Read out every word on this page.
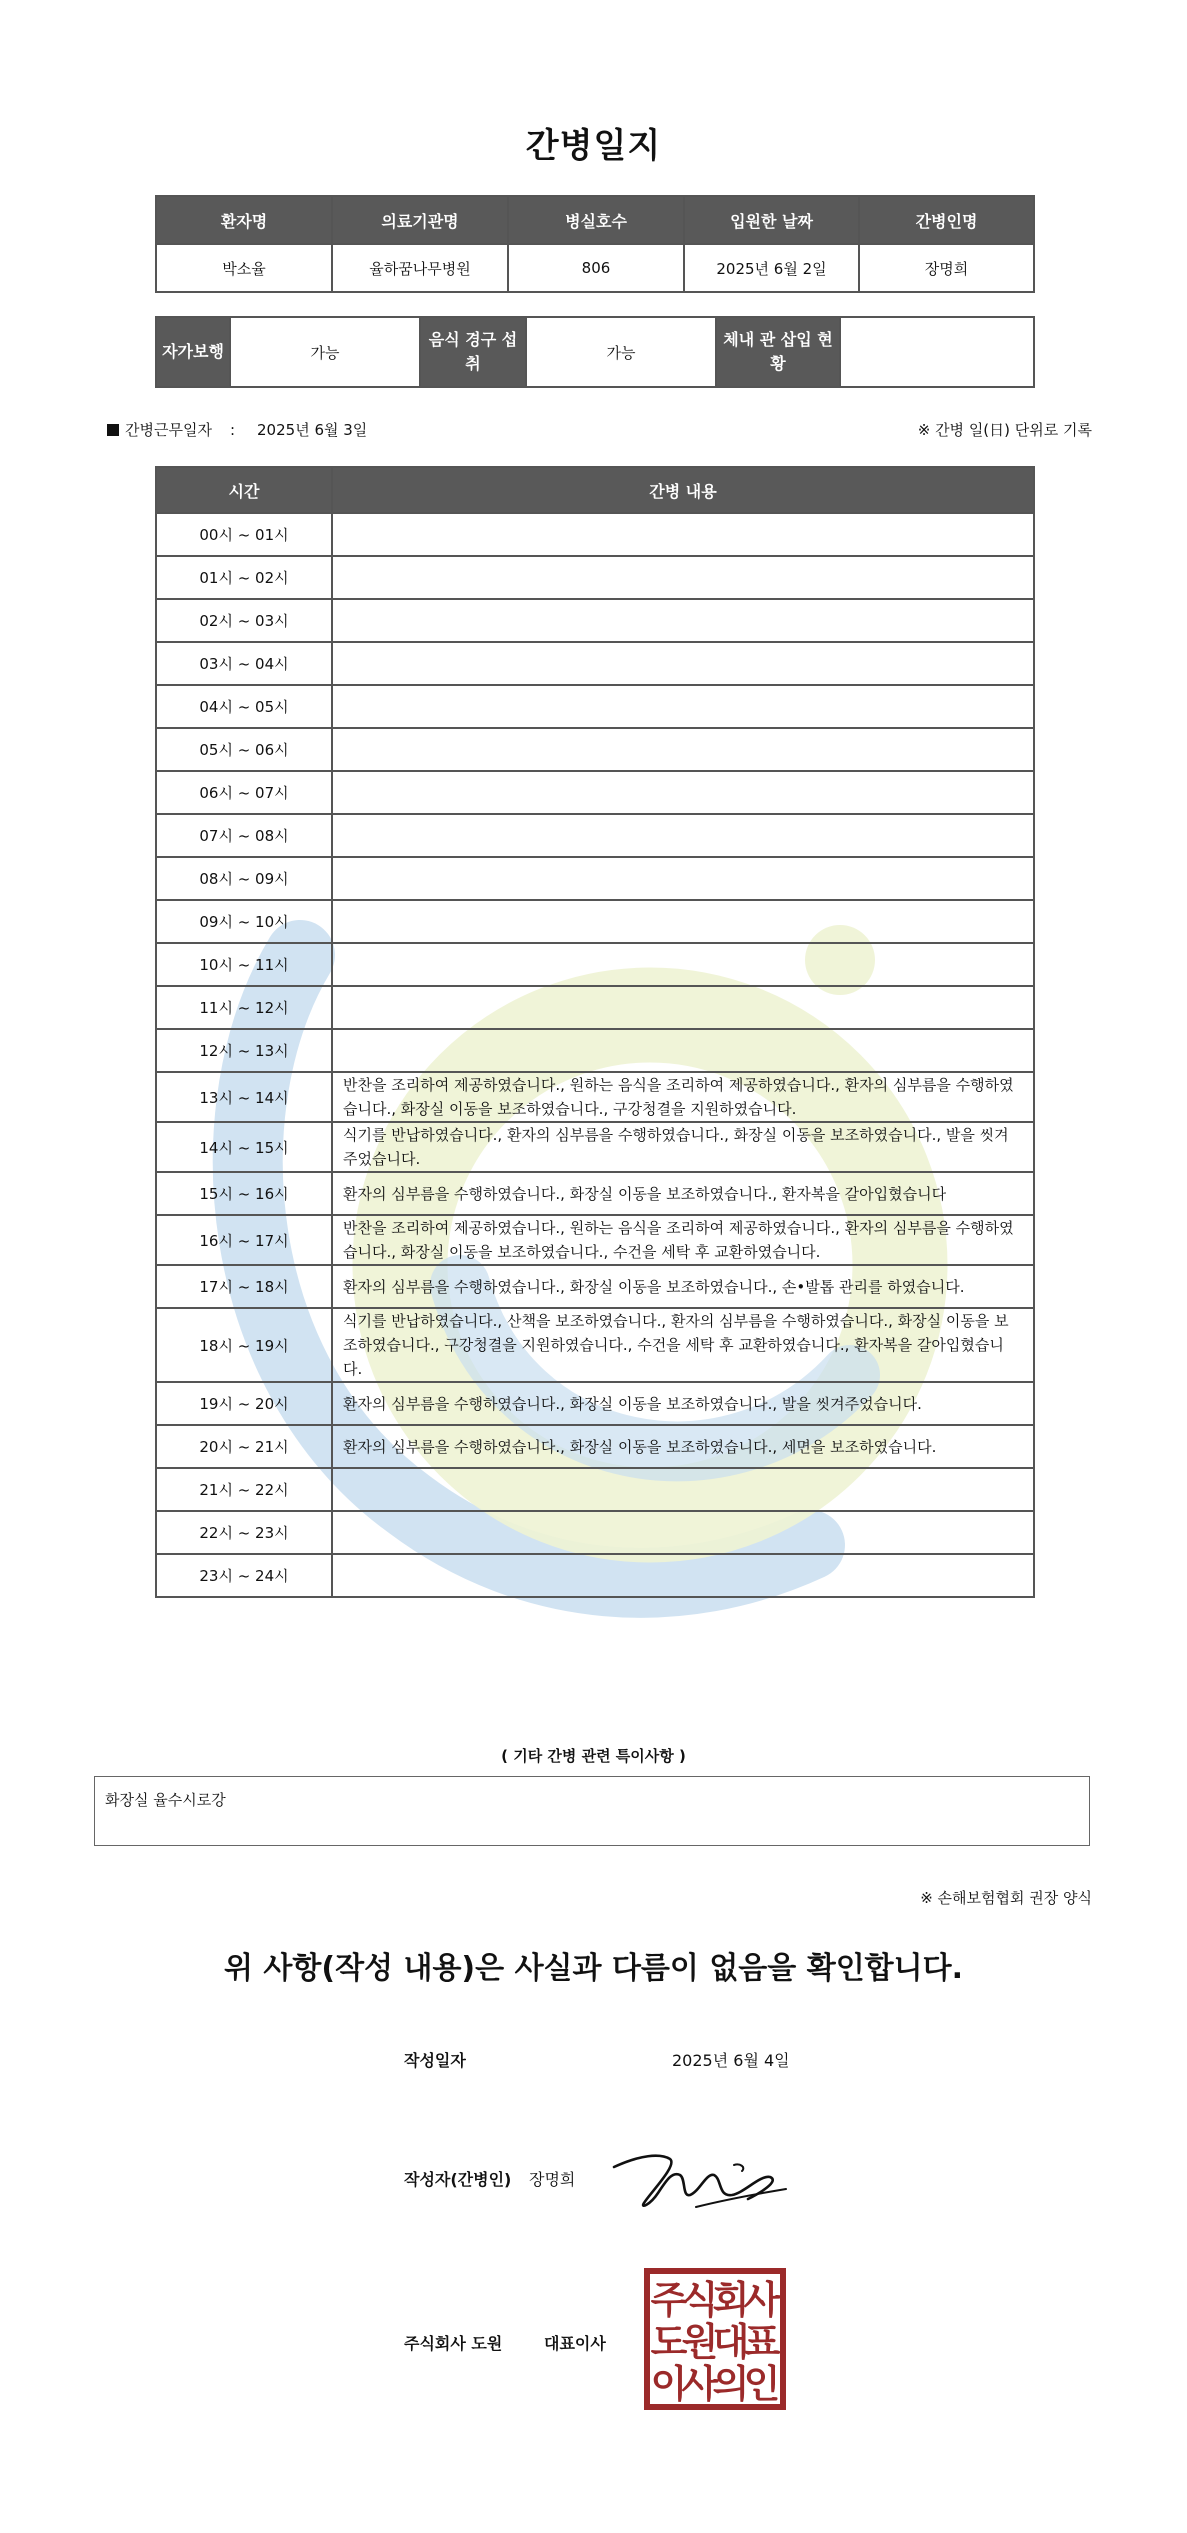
간병일지
환자명	의료기관명	병실호수	입원한 날짜	간병인명
박소율	율하꿈나무병원	806	2025년 6월 2일	장명희
자가보행	가능	음식 경구 섭취	가능	체내 관 삽입 현황	
간병근무일자 : 2025년 6월 3일	※ 간병 일(日) 단위로 기록
시간	간병 내용
00시 ~ 01시	
01시 ~ 02시	
02시 ~ 03시	
03시 ~ 04시	
04시 ~ 05시	
05시 ~ 06시	
06시 ~ 07시	
07시 ~ 08시	
08시 ~ 09시	
09시 ~ 10시	
10시 ~ 11시	
11시 ~ 12시	
12시 ~ 13시	
13시 ~ 14시	반찬을 조리하여 제공하였습니다., 원하는 음식을 조리하여 제공하였습니다., 환자의 심부름을 수행하였습니다., 화장실 이동을 보조하였습니다., 구강청결을 지원하였습니다.
14시 ~ 15시	식기를 반납하였습니다., 환자의 심부름을 수행하였습니다., 화장실 이동을 보조하였습니다., 발을 씻겨주었습니다.
15시 ~ 16시	환자의 심부름을 수행하였습니다., 화장실 이동을 보조하였습니다., 환자복을 갈아입혔습니다
16시 ~ 17시	반찬을 조리하여 제공하였습니다., 원하는 음식을 조리하여 제공하였습니다., 환자의 심부름을 수행하였습니다., 화장실 이동을 보조하였습니다., 수건을 세탁 후 교환하였습니다.
17시 ~ 18시	환자의 심부름을 수행하였습니다., 화장실 이동을 보조하였습니다., 손•발톱 관리를 하였습니다.
18시 ~ 19시	식기를 반납하였습니다., 산책을 보조하였습니다., 환자의 심부름을 수행하였습니다., 화장실 이동을 보조하였습니다., 구강청결을 지원하였습니다., 수건을 세탁 후 교환하였습니다., 환자복을 갈아입혔습니다.
19시 ~ 20시	환자의 심부름을 수행하였습니다., 화장실 이동을 보조하였습니다., 발을 씻겨주었습니다.
20시 ~ 21시	환자의 심부름을 수행하였습니다., 화장실 이동을 보조하였습니다., 세면을 보조하였습니다.
21시 ~ 22시	
22시 ~ 23시	
23시 ~ 24시	
( 기타 간병 관련 특이사항 )
화장실 율수시로강
※ 손해보험협회 권장 양식
위 사항(작성 내용)은 사실과 다름이 없음을 확인합니다.
작성일자	2025년 6월 4일
작성자(간병인) 장명희
주식회사 도원	대표이사
주
식
회
사
도
원
대
표
이
사
의
인
